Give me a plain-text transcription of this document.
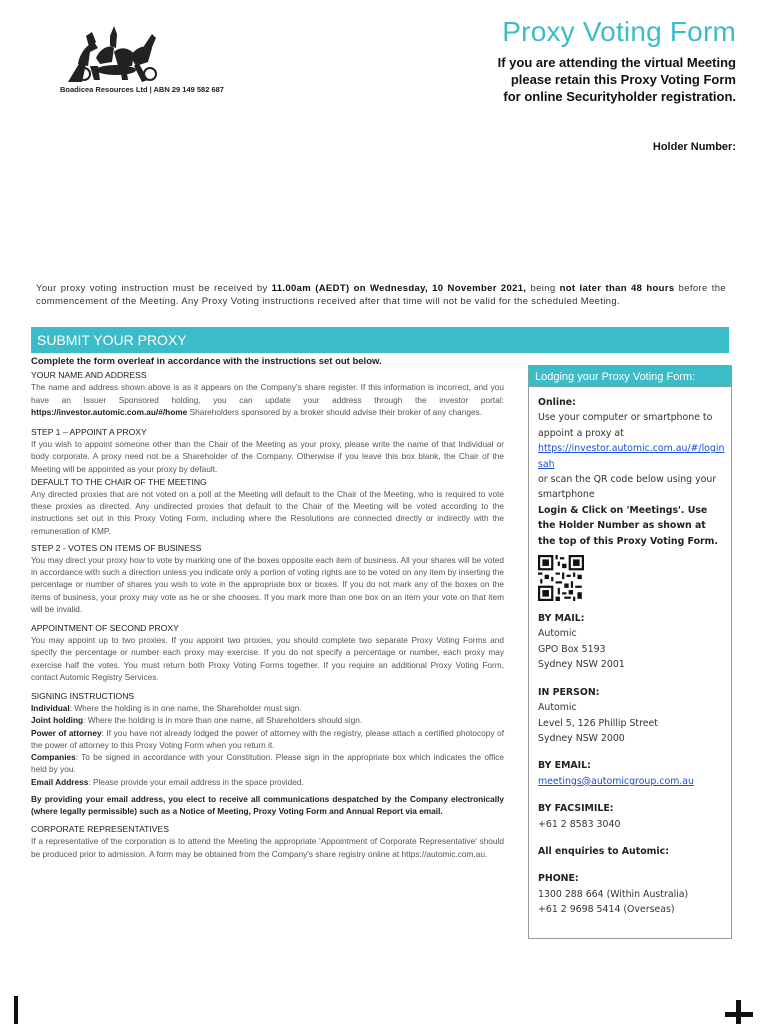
Boadicea Resources Ltd | ABN 29 149 582 687
Proxy Voting Form
If you are attending the virtual Meeting
please retain this Proxy Voting Form
for online Securityholder registration.
Holder Number:
Your proxy voting instruction must be received by 11.00am (AEDT) on Wednesday, 10 November 2021, being not later than 48 hours before the commencement of the Meeting. Any Proxy Voting instructions received after that time will not be valid for the scheduled Meeting.
SUBMIT YOUR PROXY

Complete the form overleaf in accordance with the instructions set out below.

YOUR NAME AND ADDRESS

The name and address shown above is as it appears on the Company's share register. If this information is incorrect, and you have an Issuer Sponsored holding, you can update your address through the investor portal: https://investor.automic.com.au/#/home Shareholders sponsored by a broker should advise their broker of any changes.

STEP 1 – APPOINT A PROXY

If you wish to appoint someone other than the Chair of the Meeting as your proxy, please write the name of that Individual or body corporate. A proxy need not be a Shareholder of the Company. Otherwise if you leave this box blank, the Chair of the Meeting will be appointed as your proxy by default.

DEFAULT TO THE CHAIR OF THE MEETING

Any directed proxies that are not voted on a poll at the Meeting will default to the Chair of the Meeting, who is required to vote these proxies as directed. Any undirected proxies that default to the Chair of the Meeting will be voted according to the instructions set out in this Proxy Voting Form, including where the Resolutions are connected directly or indirectly with the remuneration of KMP.

STEP 2 - VOTES ON ITEMS OF BUSINESS

You may direct your proxy how to vote by marking one of the boxes opposite each item of business. All your shares will be voted in accordance with such a direction unless you indicate only a portion of voting rights are to be voted on any item by inserting the percentage or number of shares you wish to vote in the appropriate box or boxes. If you do not mark any of the boxes on the items of business, your proxy may vote as he or she chooses. If you mark more than one box on an item your vote on that item will be invalid.

APPOINTMENT OF SECOND PROXY

You may appoint up to two proxies. If you appoint two proxies, you should complete two separate Proxy Voting Forms and specify the percentage or number each proxy may exercise. If you do not specify a percentage or number, each proxy may exercise half the votes. You must return both Proxy Voting Forms together. If you require an additional Proxy Voting Form, contact Automic Registry Services.

SIGNING INSTRUCTIONS

Individual: Where the holding is in one name, the Shareholder must sign.

Joint holding: Where the holding is in more than one name, all Shareholders should sign.

Power of attorney: If you have not already lodged the power of attorney with the registry, please attach a certified photocopy of the power of attorney to this Proxy Voting Form when you return it.

Companies: To be signed in accordance with your Constitution. Please sign in the appropriate box which indicates the office held by you.

Email Address: Please provide your email address in the space provided.

By providing your email address, you elect to receive all communications despatched by the Company electronically (where legally permissible) such as a Notice of Meeting, Proxy Voting Form and Annual Report via email.

CORPORATE REPRESENTATIVES

If a representative of the corporation is to attend the Meeting the appropriate 'Appointment of Corporate Representative' should be produced prior to admission. A form may be obtained from the Company's share registry online at https://automic.com.au.

Lodging your Proxy Voting Form:
Online:
Use your computer or smartphone to appoint a proxy at
https://investor.automic.com.au/#/loginsah
or scan the QR code below using your smartphone
Login & Click on 'Meetings'. Use the Holder Number as shown at the top of this Proxy Voting Form.
BY MAIL:
Automic
GPO Box 5193
Sydney NSW 2001
IN PERSON:
Automic
Level 5, 126 Phillip Street
Sydney NSW 2000
BY EMAIL:
meetings@automicgroup.com.au
BY FACSIMILE:
+61 2 8583 3040
All enquiries to Automic:
PHONE:
1300 288 664 (Within Australia)
+61 2 9698 5414 (Overseas)
